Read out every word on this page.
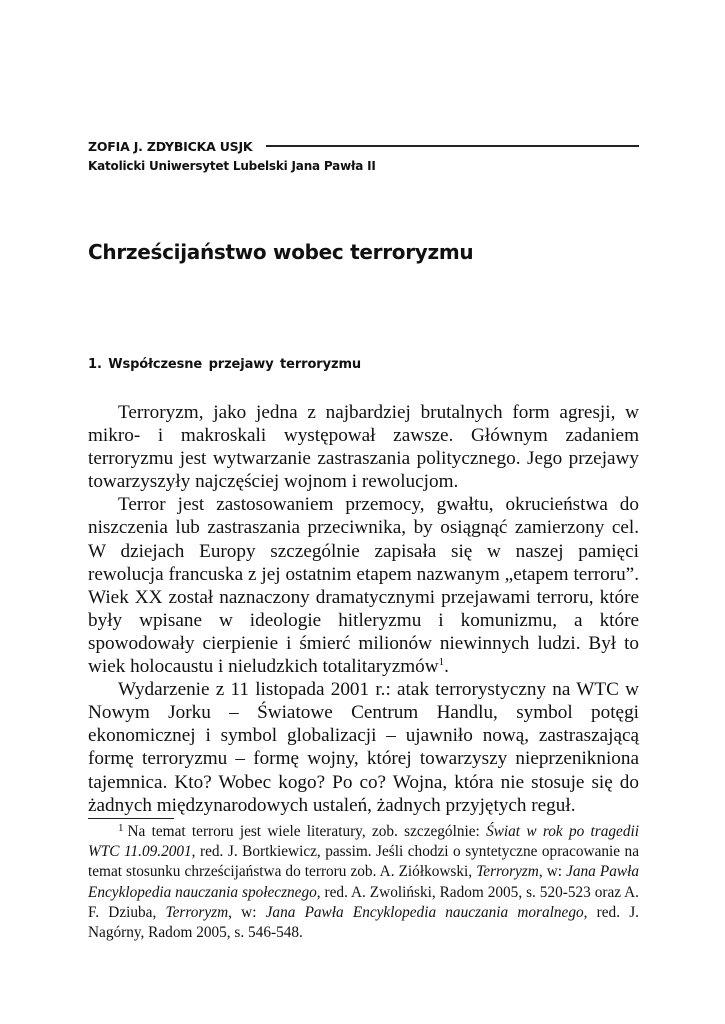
ZOFIA J. ZDYBICKA USJK
Katolicki Uniwersytet Lubelski Jana Pawła II
Chrześcijaństwo wobec terroryzmu
1. Współczesne przejawy terroryzmu

Terroryzm, jako jedna z najbardziej brutalnych form agresji, w mikro- i makroskali występował zawsze. Głównym zadaniem terroryzmu jest wytwarzanie zastraszania politycznego. Jego przejawy towarzyszyły najczęściej wojnom i rewolucjom.

Terror jest zastosowaniem przemocy, gwałtu, okrucieństwa do niszczenia lub zastraszania przeciwnika, by osiągnąć zamierzony cel. W dziejach Europy szczególnie zapisała się w naszej pamięci rewolucja francuska z jej ostatnim etapem nazwanym „etapem terroru”. Wiek XX został naznaczony dramatycznymi przejawami terroru, które były wpisane w ideologie hitleryzmu i komunizmu, a które spowodowały cierpienie i śmierć milionów niewinnych ludzi. Był to wiek holocaustu i nieludzkich totalitaryzmów$^1$.

Wydarzenie z 11 listopada 2001 r.: atak terrorystyczny na WTC w Nowym Jorku – Światowe Centrum Handlu, symbol potęgi ekonomicznej i symbol globalizacji – ujawniło nową, zastraszającą formę terroryzmu – formę wojny, której towarzyszy nieprzenikniona tajemnica. Kto? Wobec kogo? Po co? Wojna, która nie stosuje się do żadnych międzynarodowych ustaleń, żadnych przyjętych reguł.

$^1$ Na temat terroru jest wiele literatury, zob. szczególnie: Świat w rok po tragedii WTC 11.09.2001, red. J. Bortkiewicz, passim. Jeśli chodzi o syntetyczne opracowanie na temat stosunku chrześcijaństwa do terroru zob. A. Ziółkowski, Terroryzm, w: Jana Pawła Encyklopedia nauczania społecznego, red. A. Zwoliński, Radom 2005, s. 520-523 oraz A. F. Dziuba, Terroryzm, w: Jana Pawła Encyklopedia nauczania moralnego, red. J. Nagórny, Radom 2005, s. 546-548.
